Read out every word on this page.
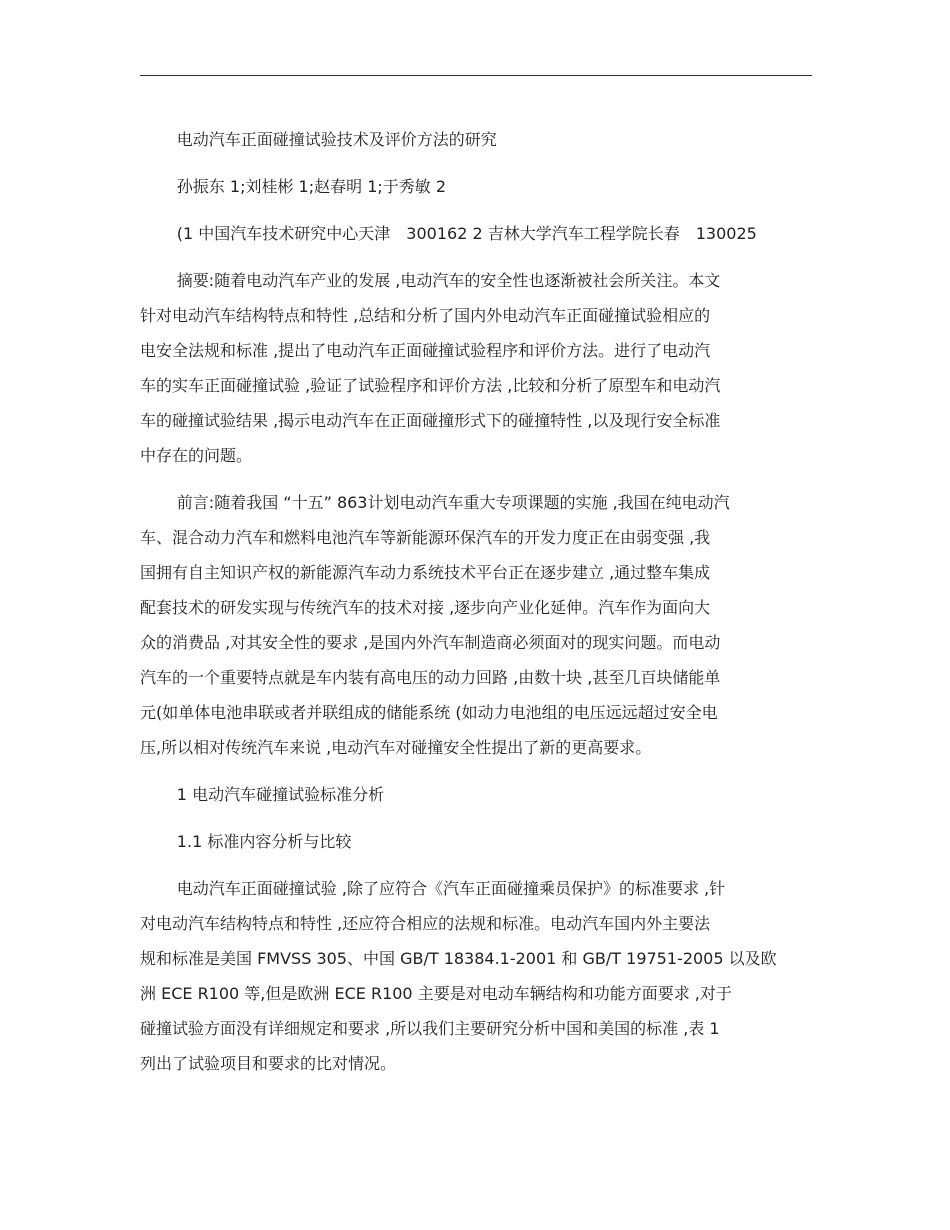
电动汽车正面碰撞试验技术及评价方法的研究

孙振东 1;刘桂彬 1;赵春明 1;于秀敏 2

(1 中国汽车技术研究中心天津　300162 2 吉林大学汽车工程学院长春　130025

摘要:随着电动汽车产业的发展 ,电动汽车的安全性也逐渐被社会所关注。本文
针对电动汽车结构特点和特性 ,总结和分析了国内外电动汽车正面碰撞试验相应的
电安全法规和标准 ,提出了电动汽车正面碰撞试验程序和评价方法。进行了电动汽
车的实车正面碰撞试验 ,验证了试验程序和评价方法 ,比较和分析了原型车和电动汽
车的碰撞试验结果 ,揭示电动汽车在正面碰撞形式下的碰撞特性 ,以及现行安全标准
中存在的问题。
前言:随着我国 “十五” 863计划电动汽车重大专项课题的实施 ,我国在纯电动汽
车、混合动力汽车和燃料电池汽车等新能源环保汽车的开发力度正在由弱变强 ,我
国拥有自主知识产权的新能源汽车动力系统技术平台正在逐步建立 ,通过整车集成
配套技术的研发实现与传统汽车的技术对接 ,逐步向产业化延伸。汽车作为面向大
众的消费品 ,对其安全性的要求 ,是国内外汽车制造商必须面对的现实问题。而电动
汽车的一个重要特点就是车内装有高电压的动力回路 ,由数十块 ,甚至几百块储能单
元(如单体电池串联或者并联组成的储能系统 (如动力电池组的电压远远超过安全电
压,所以相对传统汽车来说 ,电动汽车对碰撞安全性提出了新的更高要求。

1 电动汽车碰撞试验标准分析

1.1 标准内容分析与比较

电动汽车正面碰撞试验 ,除了应符合《汽车正面碰撞乘员保护》的标准要求 ,针
对电动汽车结构特点和特性 ,还应符合相应的法规和标准。电动汽车国内外主要法
规和标准是美国 FMVSS 305、中国 GB/T 18384.1-2001 和 GB/T 19751-2005 以及欧
洲 ECE R100 等,但是欧洲 ECE R100 主要是对电动车辆结构和功能方面要求 ,对于
碰撞试验方面没有详细规定和要求 ,所以我们主要研究分析中国和美国的标准 ,表 1
列出了试验项目和要求的比对情况。
